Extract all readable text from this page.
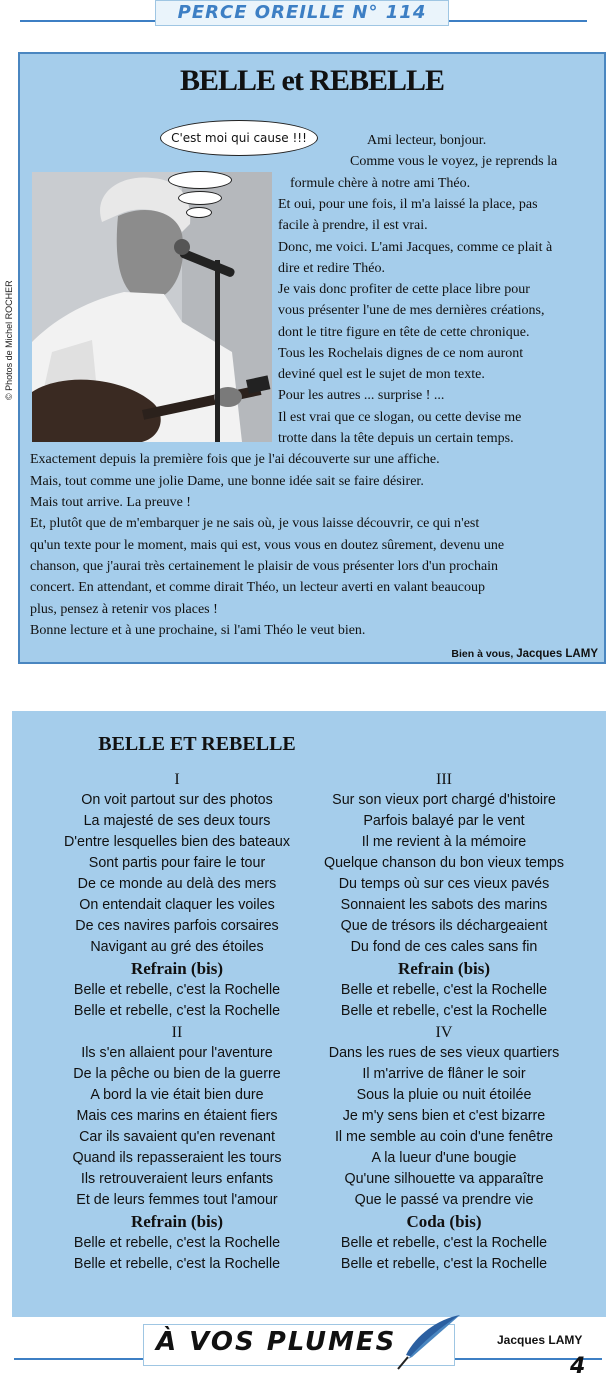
PERCE OREILLE N° 114
© Photos de Michel ROCHER
BELLE et REBELLE
C'est moi qui cause !!!	Ami lecteur, bonjour.
Comme vous le voyez, je reprends la
formule chère à notre ami Théo.
Et oui, pour une fois, il m'a laissé la place, pas
facile à prendre, il est vrai.
Donc, me voici. L'ami Jacques, comme ce plait à
dire et redire Théo.
Je vais donc profiter de cette place libre pour
vous présenter l'une de mes dernières créations,
dont le titre figure en tête de cette chronique.
Tous les Rochelais dignes de ce nom auront
deviné quel est le sujet de mon texte.
Pour les autres ... surprise ! ...
Il est vrai que ce slogan, ou cette devise me
trotte dans la tête depuis un certain temps.
Exactement depuis la première fois que je l'ai découverte sur une affiche.
Mais, tout comme une jolie Dame, une bonne idée sait se faire désirer.
Mais tout arrive. La preuve !
Et, plutôt que de m'embarquer je ne sais où, je vous laisse découvrir, ce qui n'est
qu'un texte pour le moment, mais qui est, vous vous en doutez sûrement, devenu une
chanson, que j'aurai très certainement le plaisir de vous présenter lors d'un prochain
concert. En attendant, et comme dirait Théo, un lecteur averti en valant beaucoup
plus, pensez à retenir vos places !
Bonne lecture et à une prochaine, si l'ami Théo le veut bien.
Bien à vous, Jacques LAMY
BELLE ET REBELLE
I
On voit partout sur des photos
La majesté de ses deux tours
D'entre lesquelles bien des bateaux
Sont partis pour faire le tour
De ce monde au delà des mers
On entendait claquer les voiles
De ces navires parfois corsaires
Navigant au gré des étoiles
Refrain (bis)
Belle et rebelle, c'est la Rochelle
Belle et rebelle, c'est la Rochelle
II
Ils s'en allaient pour l'aventure
De la pêche ou bien de la guerre
A bord la vie était bien dure
Mais ces marins en étaient fiers
Car ils savaient qu'en revenant
Quand ils repasseraient les tours
Ils retrouveraient leurs enfants
Et de leurs femmes tout l'amour
Refrain (bis)
Belle et rebelle, c'est la Rochelle
Belle et rebelle, c'est la Rochelle
III
Sur son vieux port chargé d'histoire
Parfois balayé par le vent
Il me revient à la mémoire
Quelque chanson du bon vieux temps
Du temps où sur ces vieux pavés
Sonnaient les sabots des marins
Que de trésors ils déchargeaient
Du fond de ces cales sans fin
Refrain (bis)
Belle et rebelle, c'est la Rochelle
Belle et rebelle, c'est la Rochelle
IV
Dans les rues de ses vieux quartiers
Il m'arrive de flâner le soir
Sous la pluie ou nuit étoilée
Je m'y sens bien et c'est bizarre
Il me semble au coin d'une fenêtre
A la lueur d'une bougie
Qu'une silhouette va apparaître
Que le passé va prendre vie
Coda (bis)
Belle et rebelle, c'est la Rochelle
Belle et rebelle, c'est la Rochelle
Jacques LAMY
À VOS PLUMES
4
